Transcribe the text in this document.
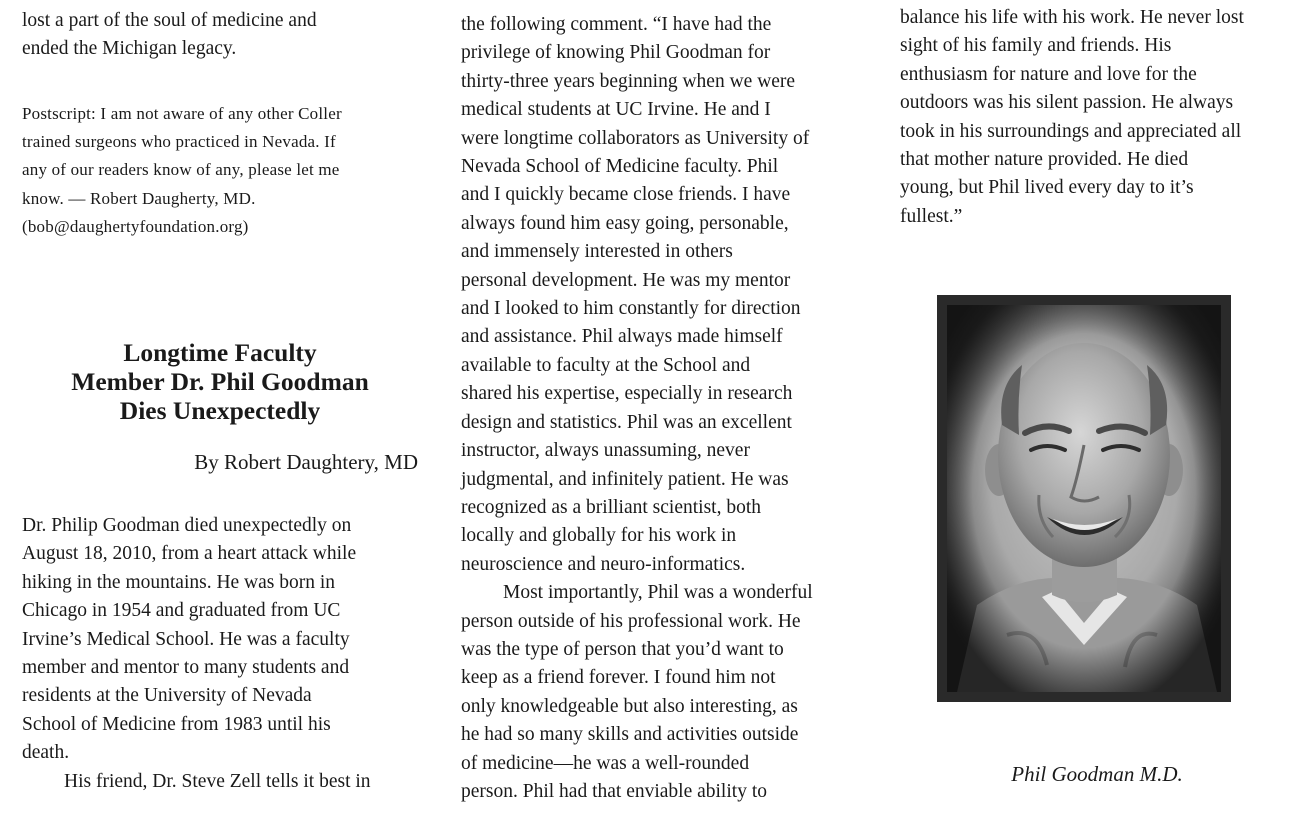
lost a part of the soul of medicine and
ended the Michigan legacy.
Postscript: I am not aware of any other Coller
trained surgeons who practiced in Nevada. If
any of our readers know of any, please let me
know. — Robert Daugherty, MD.
(bob@daughertyfoundation.org)
Longtime Faculty
Member Dr. Phil Goodman
Dies Unexpectedly
By Robert Daughtery, MD
Dr. Philip Goodman died unexpectedly on
August 18, 2010, from a heart attack while
hiking in the mountains. He was born in
Chicago in 1954 and graduated from UC
Irvine’s Medical School. He was a faculty
member and mentor to many students and
residents at the University of Nevada
School of Medicine from 1983 until his
death.
His friend, Dr. Steve Zell tells it best in
the following comment. “I have had the
privilege of knowing Phil Goodman for
thirty-three years beginning when we were
medical students at UC Irvine. He and I
were longtime collaborators as University of
Nevada School of Medicine faculty. Phil
and I quickly became close friends. I have
always found him easy going, personable,
and immensely interested in others
personal development. He was my mentor
and I looked to him constantly for direction
and assistance. Phil always made himself
available to faculty at the School and
shared his expertise, especially in research
design and statistics. Phil was an excellent
instructor, always unassuming, never
judgmental, and infinitely patient. He was
recognized as a brilliant scientist, both
locally and globally for his work in
neuroscience and neuro-informatics.
Most importantly, Phil was a wonderful
person outside of his professional work. He
was the type of person that you’d want to
keep as a friend forever. I found him not
only knowledgeable but also interesting, as
he had so many skills and activities outside
of medicine—he was a well-rounded
person. Phil had that enviable ability to
balance his life with his work. He never lost
sight of his family and friends. His
enthusiasm for nature and love for the
outdoors was his silent passion. He always
took in his surroundings and appreciated all
that mother nature provided. He died
young, but Phil lived every day to it’s
fullest.”
Phil Goodman M.D.
